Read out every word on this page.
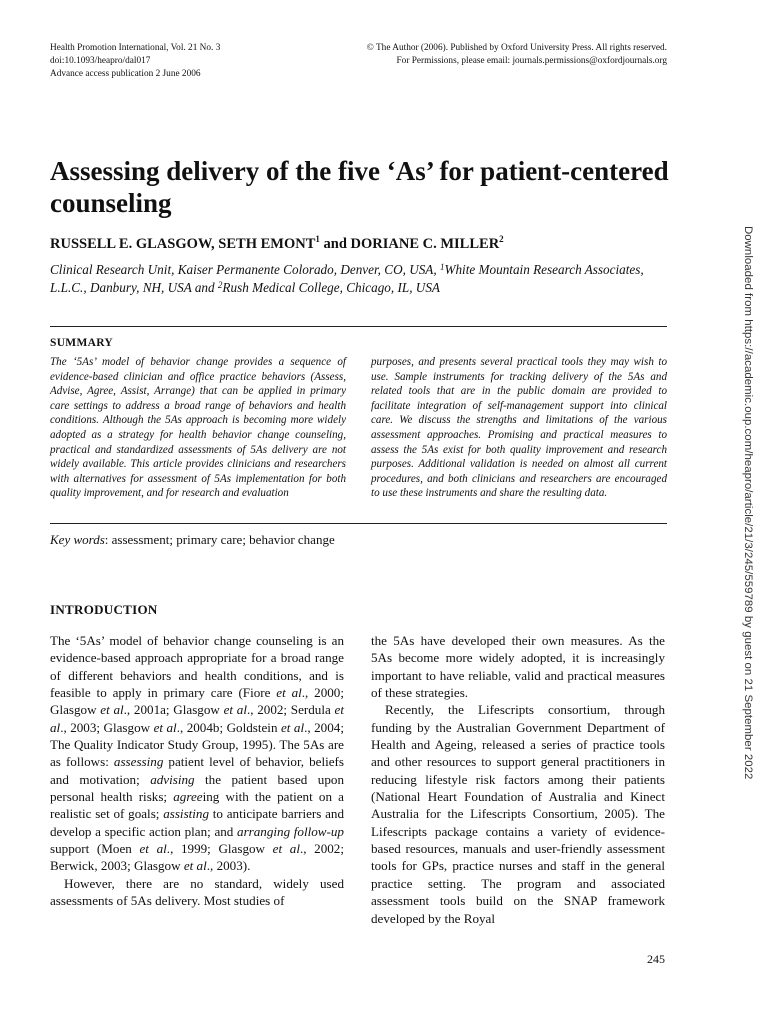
Health Promotion International, Vol. 21 No. 3
doi:10.1093/heapro/dal017
Advance access publication 2 June 2006
© The Author (2006). Published by Oxford University Press. All rights reserved.
For Permissions, please email: journals.permissions@oxfordjournals.org
Assessing delivery of the five ‘As’ for patient-centered counseling
RUSSELL E. GLASGOW, SETH EMONT$^1$ and DORIANE C. MILLER$^2$
Clinical Research Unit, Kaiser Permanente Colorado, Denver, CO, USA, $^1$White Mountain Research Associates, L.L.C., Danbury, NH, USA and $^2$Rush Medical College, Chicago, IL, USA
SUMMARY

The ‘5As’ model of behavior change provides a sequence of evidence-based clinician and office practice behaviors (Assess, Advise, Agree, Assist, Arrange) that can be applied in primary care settings to address a broad range of behaviors and health conditions. Although the 5As approach is becoming more widely adopted as a strategy for health behavior change counseling, practical and standardized assessments of 5As delivery are not widely available. This article provides clinicians and researchers with alternatives for assessment of 5As implementation for both quality improvement, and for research and evaluation

purposes, and presents several practical tools they may wish to use. Sample instruments for tracking delivery of the 5As and related tools that are in the public domain are provided to facilitate integration of self-management support into clinical care. We discuss the strengths and limitations of the various assessment approaches. Promising and practical measures to assess the 5As exist for both quality improvement and research purposes. Additional validation is needed on almost all current procedures, and both clinicians and researchers are encouraged to use these instruments and share the resulting data.

Key words: assessment; primary care; behavior change
INTRODUCTION

The ‘5As’ model of behavior change counseling is an evidence-based approach appropriate for a broad range of different behaviors and health conditions, and is feasible to apply in primary care (Fiore et al., 2000; Glasgow et al., 2001a; Glasgow et al., 2002; Serdula et al., 2003; Glasgow et al., 2004b; Goldstein et al., 2004; The Quality Indicator Study Group, 1995). The 5As are as follows: assessing patient level of behavior, beliefs and motivation; advising the patient based upon personal health risks; agreeing with the patient on a realistic set of goals; assisting to anticipate barriers and develop a specific action plan; and arranging follow-up support (Moen et al., 1999; Glasgow et al., 2002; Berwick, 2003; Glasgow et al., 2003).

However, there are no standard, widely used assessments of 5As delivery. Most studies of

the 5As have developed their own measures. As the 5As become more widely adopted, it is increasingly important to have reliable, valid and practical measures of these strategies.

Recently, the Lifescripts consortium, through funding by the Australian Government Department of Health and Ageing, released a series of practice tools and other resources to support general practitioners in reducing lifestyle risk factors among their patients (National Heart Foundation of Australia and Kinect Australia for the Lifescripts Consortium, 2005). The Lifescripts package contains a variety of evidence-based resources, manuals and user-friendly assessment tools for GPs, practice nurses and staff in the general practice setting. The program and associated assessment tools build on the SNAP framework developed by the Royal

245
Downloaded from https://academic.oup.com/heapro/article/21/3/245/559789 by guest on 21 September 2022
